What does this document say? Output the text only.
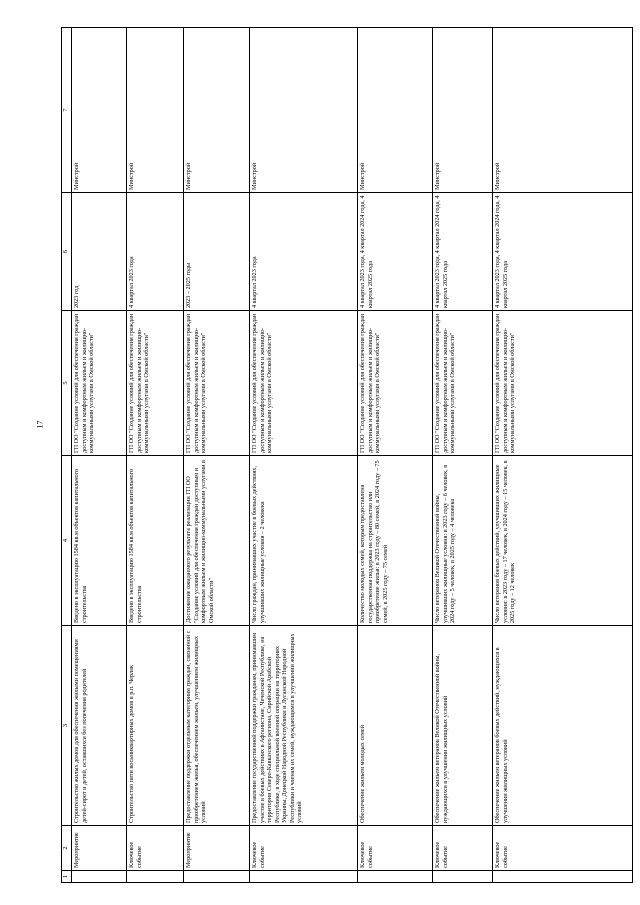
17
1	2	3	4	5	6	7
	Мероприятие	Строительство жилых домов для обеспечения жилыми помещениями детей-сирот и детей, оставшихся без попечения родителей	Введено в эксплуатацию 1584 кв.м объектов капитального строительства	ГП ОО "Создание условий для обеспечения граждан доступным и комфортным жильем и жилищно-коммунальными услугами в Омской области"	2023 год	Минстрой
	Ключевое событие	Строительство пяти восьмиквартирных домов в р.п. Черлак	Введено в эксплуатацию 1584 кв.м объектов капитального строительства	ГП ОО "Создание условий для обеспечения граждан доступным и комфортным жильем и жилищно-коммунальными услугами в Омской области"	4 квартал 2023 года	Минстрой
	Мероприятие	Предоставление поддержки отдельным категориям граждан, связанной с приобретением жилья, обеспечением жильем, улучшением жилищных условий	Достижение ожидаемого результата реализации ГП ОО "Создание условий для обеспечения граждан доступным и комфортным жильем и жилищно-коммунальными услугами в Омской области"	ГП ОО "Создание условий для обеспечения граждан доступным и комфортным жильем и жилищно-коммунальными услугами в Омской области"	2023 – 2025 годы	Минстрой
	Ключевое событие	Предоставление государственной поддержки гражданам, принимавшим участие в боевых действиях в Афганистане, Чеченской Республике, на территории Северо-Кавказского региона, Сирийской Арабской Республике, в ходе специальной военной операции на территориях Украины, Донецкой Народной Республики и Луганской Народной Республики и членам их семей, нуждающимся в улучшении жилищных условий	Число граждан, принимавших участие в боевых действиях, улучшивших жилищные условия – 2 человека	ГП ОО "Создание условий для обеспечения граждан доступным и комфортным жильем и жилищно-коммунальными услугами в Омской области"	4 квартал 2023 года	Минстрой
	Ключевое событие	Обеспечение жильем молодых семей	Количество молодых семей, которым предоставлена государственная поддержка на строительство или приобретение жилья: в 2023 году – 80 семей, в 2024 году – 75 семей, в 2025 году – 75 семей	ГП ОО "Создание условий для обеспечения граждан доступным и комфортным жильем и жилищно-коммунальными услугами в Омской области"	4 квартал 2023 года, 4 квартал 2024 года, 4 квартал 2025 года	Минстрой
	Ключевое событие	Обеспечение жильем ветеранов Великой Отечественной войны, нуждающихся в улучшении жилищных условий	Число ветеранов Великой Отечественной войны, улучшивших жилищные условия: в 2023 году – 6 человек, в 2024 году – 5 человек, в 2025 году – 4 человека	ГП ОО "Создание условий для обеспечения граждан доступным и комфортным жильем и жилищно-коммунальными услугами в Омской области"	4 квартал 2023 года, 4 квартал 2024 года, 4 квартал 2025 года	Минстрой
	Ключевое событие	Обеспечение жильем ветеранов боевых действий, нуждающихся в улучшении жилищных условий	Число ветеранов боевых действий, улучшивших жилищные условия: в 2023 году – 17 человек, в 2024 году – 15 человек, в 2025 году – 12 человек	ГП ОО "Создание условий для обеспечения граждан доступным и комфортным жильем и жилищно-коммунальными услугами в Омской области"	4 квартал 2023 года, 4 квартал 2024 года, 4 квартал 2025 года	Минстрой
